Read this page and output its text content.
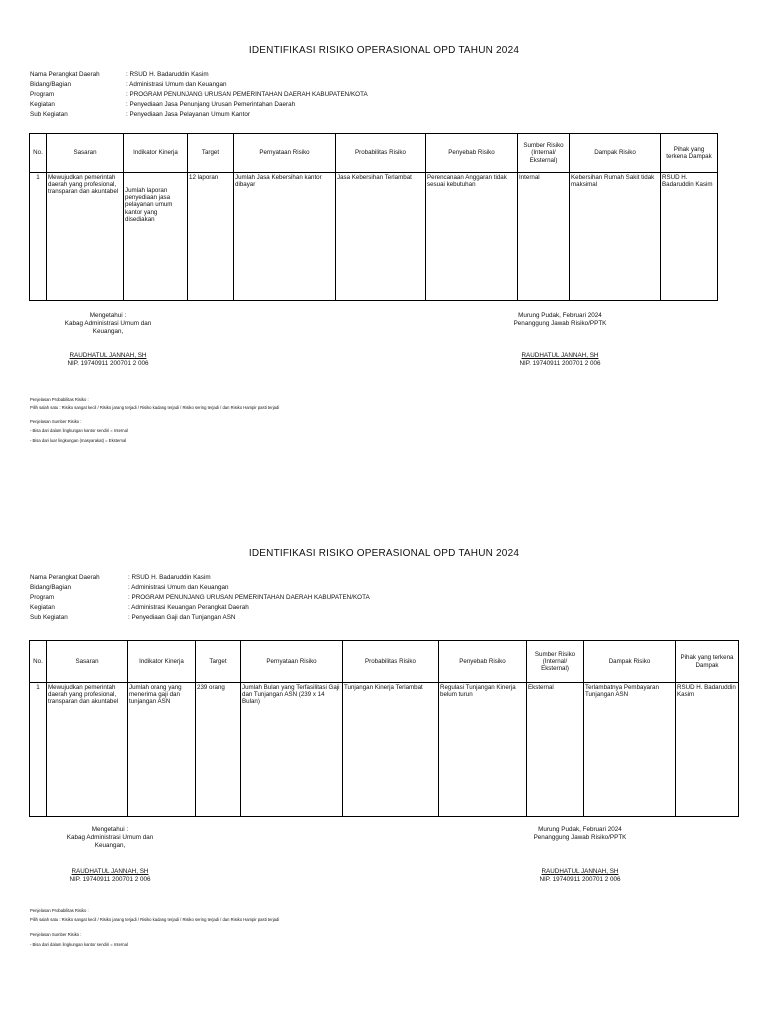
IDENTIFIKASI RISIKO OPERASIONAL OPD TAHUN 2024
Nama Perangkat Daerah	: RSUD H. Badaruddin Kasim
Bidang/Bagian	: Administrasi Umum dan Keuangan
Program	: PROGRAM PENUNJANG URUSAN PEMERINTAHAN DAERAH KABUPATEN/KOTA
Kegiatan	: Penyediaan Jasa Penunjang Urusan Pemerintahan Daerah
Sub Kegiatan	: Penyediaan Jasa Pelayanan Umum Kantor
No.	Sasaran	Indikator Kinerja	Target	Pernyataan Risiko	Probabilitas Risiko	Penyebab Risiko	Sumber Risiko (Internal/ Eksternal)	Dampak Risiko	Pihak yang terkena Dampak
1	Mewujudkan pemerintah daerah yang profesional, transparan dan akuntabel	Jumlah laporan penyediaan jasa pelayanan umum kantor yang disediakan	12 laporan	Jumlah Jasa Kebersihan kantor dibayar	Jasa Kebersihan Terlambat	Perencanaan Anggaran tidak sesuai kebutuhan	Internal	Kebersihan Rumah Sakit tidak maksimal	RSUD H. Badaruddin Kasim
Mengetahui :
Kabag Administrasi Umum dan
Keuangan,
RAUDHATUL JANNAH, SH
NIP. 19740911 200701 2 006
Murung Pudak, Februari 2024
Penanggung Jawab Risiko/PPTK
RAUDHATUL JANNAH, SH
NIP. 19740911 200701 2 006
Penjelasan Probabilitas Risiko :
Pilih salah satu : Risiko sangat kecil / Risiko jarang terjadi / Risiko kadang terjadi / Risiko sering terjadi / dan Risiko Hampir pasti terjadi
Penjelasan Sumber Risiko :
- Bisa dari dalam lingkungan kantor sendiri = Internal
- Bisa dari luar lingkungan (masyarakat) = Eksternal
IDENTIFIKASI RISIKO OPERASIONAL OPD TAHUN 2024
Nama Perangkat Daerah	: RSUD H. Badaruddin Kasim
Bidang/Bagian	: Administrasi Umum dan Keuangan
Program	: PROGRAM PENUNJANG URUSAN PEMERINTAHAN DAERAH KABUPATEN/KOTA
Kegiatan	: Administrasi Keuangan Perangkat Daerah
Sub Kegiatan	: Penyediaan Gaji dan Tunjangan ASN
No.	Sasaran	Indikator Kinerja	Target	Pernyataan Risiko	Probabilitas Risiko	Penyebab Risiko	Sumber Risiko (Internal/ Eksternal)	Dampak Risiko	Pihak yang terkena Dampak
1	Mewujudkan pemerintah daerah yang profesional, transparan dan akuntabel	Jumlah orang yang menerima gaji dan tunjangan ASN	239 orang	Jumlah Bulan yang Terfasilitasi Gaji dan Tunjangan ASN (239 x 14 Bulan)	Tunjangan Kinerja Terlambat	Regulasi Tunjangan Kinerja belum turun	Eksternal	Terlambatnya Pembayaran Tunjangan ASN	RSUD H. Badaruddin Kasim
Mengetahui :
Kabag Administrasi Umum dan
Keuangan,
RAUDHATUL JANNAH, SH
NIP. 19740911 200701 2 006
Murung Pudak, Februari 2024
Penanggung Jawab Risiko/PPTK
RAUDHATUL JANNAH, SH
NIP. 19740911 200701 2 006
Penjelasan Probabilitas Risiko :
Pilih salah satu : Risiko sangat kecil / Risiko jarang terjadi / Risiko kadang terjadi / Risiko sering terjadi / dan Risiko Hampir pasti terjadi
Penjelasan Sumber Risiko :
- Bisa dari dalam lingkungan kantor sendiri = Internal
